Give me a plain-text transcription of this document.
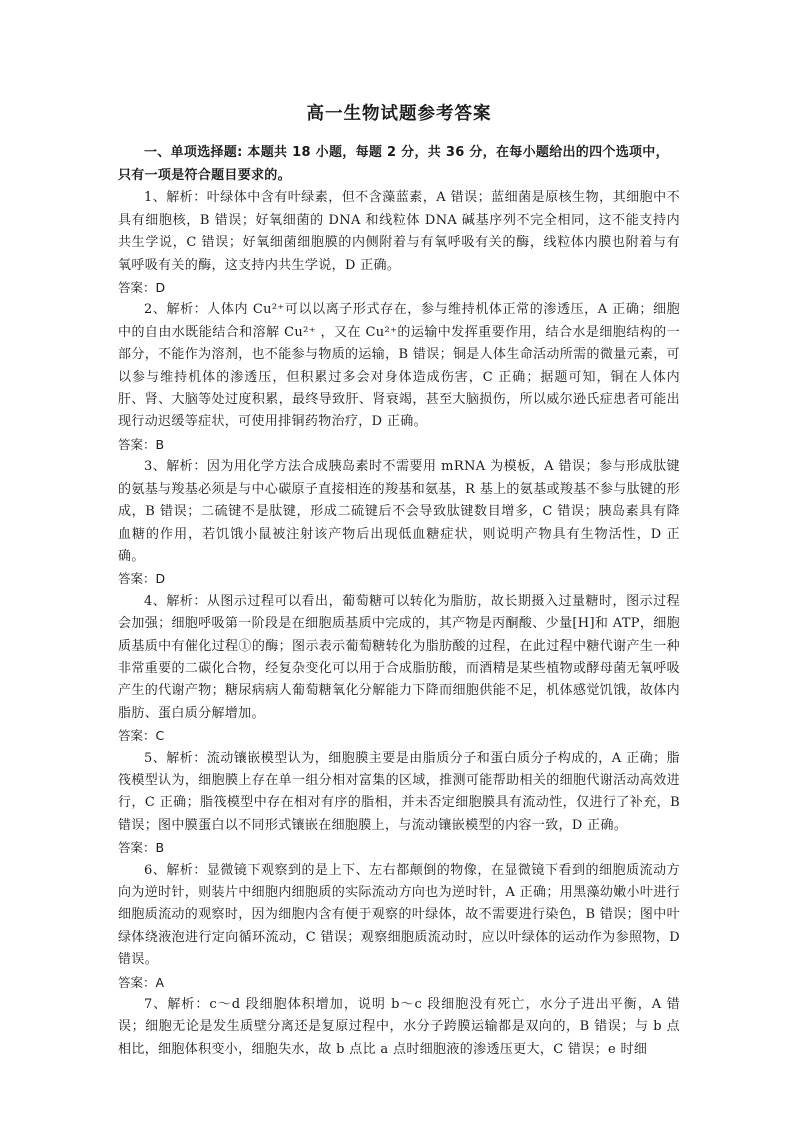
高一生物试题参考答案

一、单项选择题: 本题共 18 小题，每题 2 分，共 36 分，在每小题给出的四个选项中，只有一项是符合题目要求的。

1、解析：叶绿体中含有叶绿素，但不含藻蓝素，A 错误；蓝细菌是原核生物，其细胞中不具有细胞核，B 错误；好氧细菌的 DNA 和线粒体 DNA 碱基序列不完全相同，这不能支持内共生学说，C 错误；好氧细菌细胞膜的内侧附着与有氧呼吸有关的酶，线粒体内膜也附着与有氧呼吸有关的酶，这支持内共生学说，D 正确。

答案：D

2、解析：人体内 Cu²⁺可以以离子形式存在，参与维持机体正常的渗透压，A 正确；细胞中的自由水既能结合和溶解 Cu²⁺ ，又在 Cu²⁺的运输中发挥重要作用，结合水是细胞结构的一部分，不能作为溶剂，也不能参与物质的运输，B 错误；铜是人体生命活动所需的微量元素，可以参与维持机体的渗透压，但积累过多会对身体造成伤害，C 正确；据题可知，铜在人体内肝、肾、大脑等处过度积累，最终导致肝、肾衰竭，甚至大脑损伤，所以威尔逊氏症患者可能出现行动迟缓等症状，可使用排铜药物治疗，D 正确。

答案：B

3、解析：因为用化学方法合成胰岛素时不需要用 mRNA 为模板，A 错误；参与形成肽键的氨基与羧基必须是与中心碳原子直接相连的羧基和氨基，R 基上的氨基或羧基不参与肽键的形成，B 错误；二硫键不是肽键，形成二硫键后不会导致肽键数目增多，C 错误；胰岛素具有降血糖的作用，若饥饿小鼠被注射该产物后出现低血糖症状，则说明产物具有生物活性，D 正确。

答案：D

4、解析：从图示过程可以看出，葡萄糖可以转化为脂肪，故长期摄入过量糖时，图示过程会加强；细胞呼吸第一阶段是在细胞质基质中完成的，其产物是丙酮酸、少量[H]和 ATP，细胞质基质中有催化过程①的酶；图示表示葡萄糖转化为脂肪酸的过程，在此过程中糖代谢产生一种非常重要的二碳化合物，经复杂变化可以用于合成脂肪酸，而酒精是某些植物或酵母菌无氧呼吸产生的代谢产物；糖尿病病人葡萄糖氧化分解能力下降而细胞供能不足，机体感觉饥饿，故体内脂肪、蛋白质分解增加。

答案：C

5、解析：流动镶嵌模型认为，细胞膜主要是由脂质分子和蛋白质分子构成的，A 正确；脂筏模型认为，细胞膜上存在单一组分相对富集的区域，推测可能帮助相关的细胞代谢活动高效进行，C 正确；脂筏模型中存在相对有序的脂相，并未否定细胞膜具有流动性，仅进行了补充，B 错误；图中膜蛋白以不同形式镶嵌在细胞膜上，与流动镶嵌模型的内容一致，D 正确。

答案：B

6、解析：显微镜下观察到的是上下、左右都颠倒的物像，在显微镜下看到的细胞质流动方向为逆时针，则装片中细胞内细胞质的实际流动方向也为逆时针，A 正确；用黑藻幼嫩小叶进行细胞质流动的观察时，因为细胞内含有便于观察的叶绿体，故不需要进行染色，B 错误；图中叶绿体绕液泡进行定向循环流动，C 错误；观察细胞质流动时，应以叶绿体的运动作为参照物，D 错误。

答案：A

7、解析：c～d 段细胞体积增加，说明 b～c 段细胞没有死亡，水分子进出平衡，A 错误；细胞无论是发生质壁分离还是复原过程中，水分子跨膜运输都是双向的，B 错误；与 b 点相比，细胞体积变小，细胞失水，故 b 点比 a 点时细胞液的渗透压更大，C 错误；e 时细
